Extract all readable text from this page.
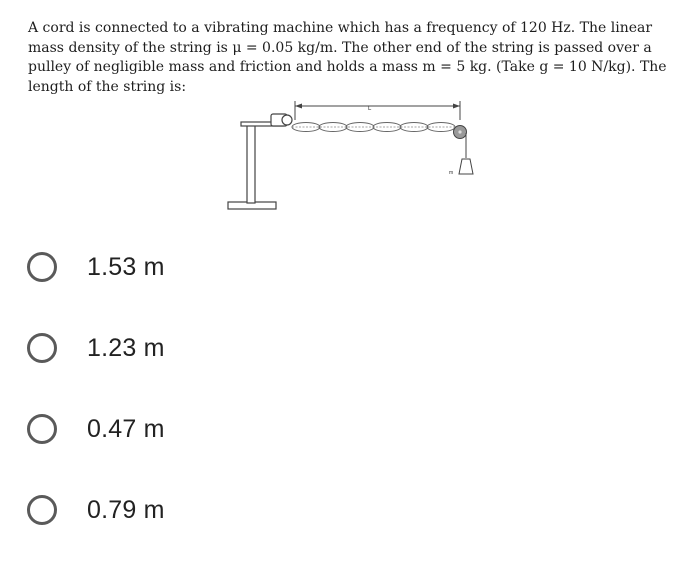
A cord is connected to a vibrating machine which has a frequency of 120 Hz. The linear mass density of the string is μ = 0.05 kg/m. The other end of the string is passed over a pulley of negligible mass and friction and holds a mass m = 5 kg. (Take g = 10 N/kg). The length of the string is:
L
m
1.53 m
1.23 m
0.47 m
0.79 m
